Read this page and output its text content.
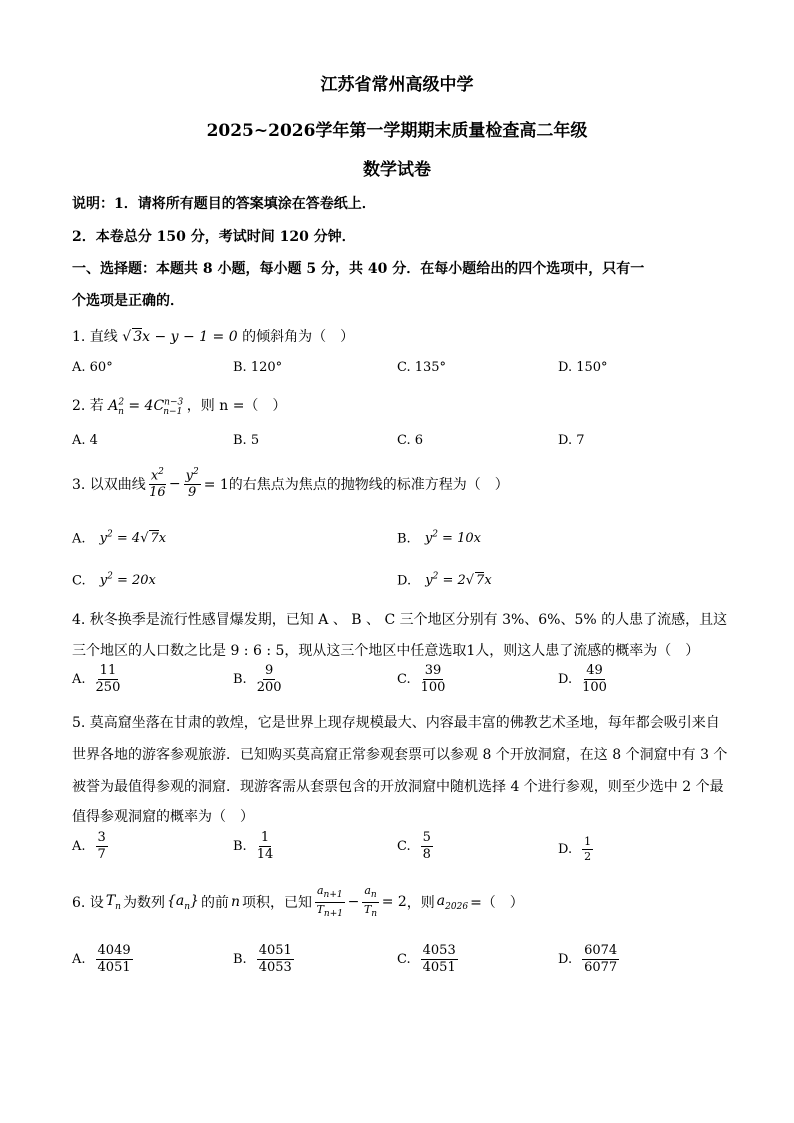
江苏省常州高级中学
2025~2026学年第一学期期末质量检查高二年级
数学试卷
说明：1．请将所有题目的答案填涂在答卷纸上．
2．本卷总分 150 分，考试时间 120 分钟．
一、选择题：本题共 8 小题，每小题 5 分，共 40 分．在每小题给出的四个选项中，只有一
个选项是正确的．
1. 直线 √ 3x − y − 1 = 0 的倾斜角为（　）
A. 60°	B. 120°	C. 135°	D. 150°
2. 若 $A^2_n = 4C^{n-3}_{n-1}$ ，则 n =（　）
A. 4	B. 5	C. 6	D. 7
3. 以双曲线 $\frac{x^2}{16} - \frac{y^2}{9} = 1$的右焦点为焦点的抛物线的标准方程为（　）
A. $y^2 = 4√$ 7x	B. $y^2 = 10x$
C. $y^2 = 20x$	D. $y^2 = 2√$ 7x
4. 秋冬换季是流行性感冒爆发期，已知 A 、 B 、 C 三个地区分别有 3%、6%、5% 的人患了流感，且这
三个地区的人口数之比是 9 : 6 : 5，现从这三个地区中任意选取1人，则这人患了流感的概率为（　）
A. $\frac{11}{250}$	B. $\frac{9}{200}$	C. $\frac{39}{100}$	D. $\frac{49}{100}$
5. 莫高窟坐落在甘肃的敦煌，它是世界上现存规模最大、内容最丰富的佛教艺术圣地，每年都会吸引来自
世界各地的游客参观旅游．已知购买莫高窟正常参观套票可以参观 8 个开放洞窟，在这 8 个洞窟中有 3 个
被誉为最值得参观的洞窟．现游客需从套票包含的开放洞窟中随机选择 4 个进行参观，则至少选中 2 个最
值得参观洞窟的概率为（　）
A. $\frac{3}{7}$	B. $\frac{1}{14}$	C. $\frac{5}{8}$	D. $\frac{1}{2}$
6. 设 $T_n$ 为数列 $\{a_n\}$ 的前 n 项积，已知 $\frac{a_{n+1}}{T_{n+1}} - \frac{a_n}{T_n} = 2$ ，则 $a_{2026}$ =（　）
A. $\frac{4049}{4051}$	B. $\frac{4051}{4053}$	C. $\frac{4053}{4051}$	D. $\frac{6074}{6077}$
